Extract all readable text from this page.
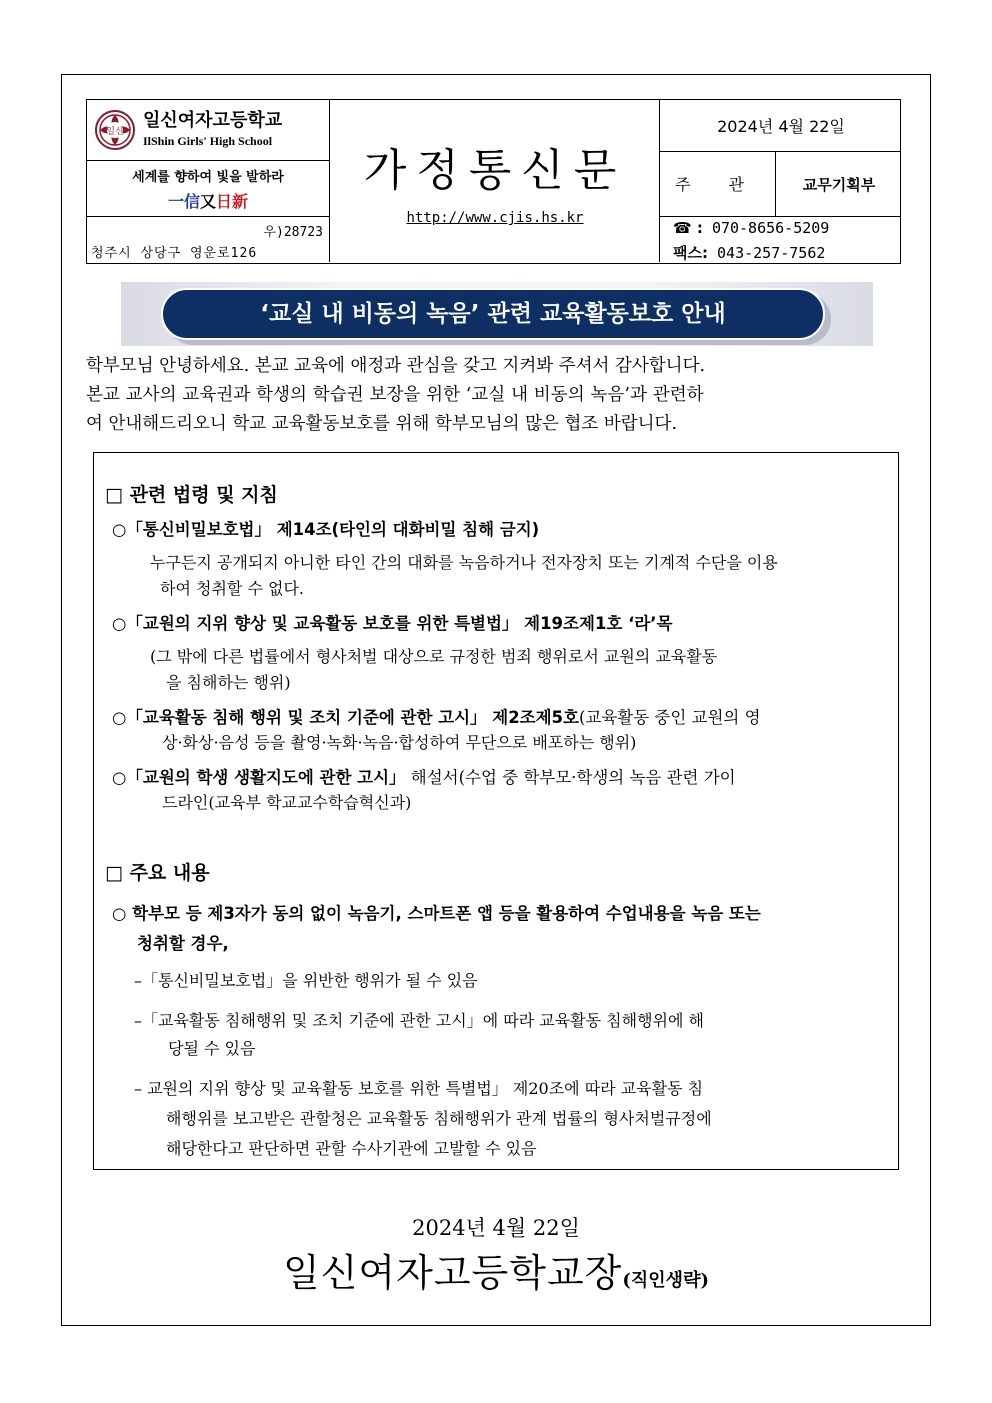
일신
일신여자고등학교
IlShin Girls' High School
세계를 향하여 빛을 발하라
一信又日新
우)28723
청주시 상당구 영운로126
가정통신문
http://www.cjis.hs.kr
2024년 4월 22일
주관	교무기획부
☎ : 070-8656-5209
팩스: 043-257-7562
‘교실 내 비동의 녹음’ 관련 교육활동보호 안내

학부모님 안녕하세요. 본교 교육에 애정과 관심을 갖고 지켜봐 주셔서 감사합니다.

본교 교사의 교육권과 학생의 학습권 보장을 위한 ‘교실 내 비동의 녹음’과 관련하

여 안내해드리오니 학교 교육활동보호를 위해 학부모님의 많은 협조 바랍니다.

□ 관련 법령 및 지침
○「통신비밀보호법」 제14조(타인의 대화비밀 침해 금지)
누구든지 공개되지 아니한 타인 간의 대화를 녹음하거나 전자장치 또는 기계적 수단을 이용
하여 청취할 수 없다.
○「교원의 지위 향상 및 교육활동 보호를 위한 특별법」 제19조제1호 ‘라’목
(그 밖에 다른 법률에서 형사처벌 대상으로 규정한 범죄 행위로서 교원의 교육활동
을 침해하는 행위)
○「교육활동 침해 행위 및 조치 기준에 관한 고시」 제2조제5호(교육활동 중인 교원의 영
상·화상·음성 등을 촬영·녹화·녹음·합성하여 무단으로 배포하는 행위)
○「교원의 학생 생활지도에 관한 고시」 해설서(수업 중 학부모·학생의 녹음 관련 가이
드라인(교육부 학교교수학습혁신과)
□ 주요 내용
○ 학부모 등 제3자가 동의 없이 녹음기, 스마트폰 앱 등을 활용하여 수업내용을 녹음 또는
청취할 경우,
–「통신비밀보호법」을 위반한 행위가 될 수 있음
–「교육활동 침해행위 및 조치 기준에 관한 고시」에 따라 교육활동 침해행위에 해
당될 수 있음
– 교원의 지위 향상 및 교육활동 보호를 위한 특별법」 제20조에 따라 교육활동 침
해행위를 보고받은 관할청은 교육활동 침해행위가 관계 법률의 형사처벌규정에
해당한다고 판단하면 관할 수사기관에 고발할 수 있음
2024년 4월 22일
일신여자고등학교장(직인생략)
